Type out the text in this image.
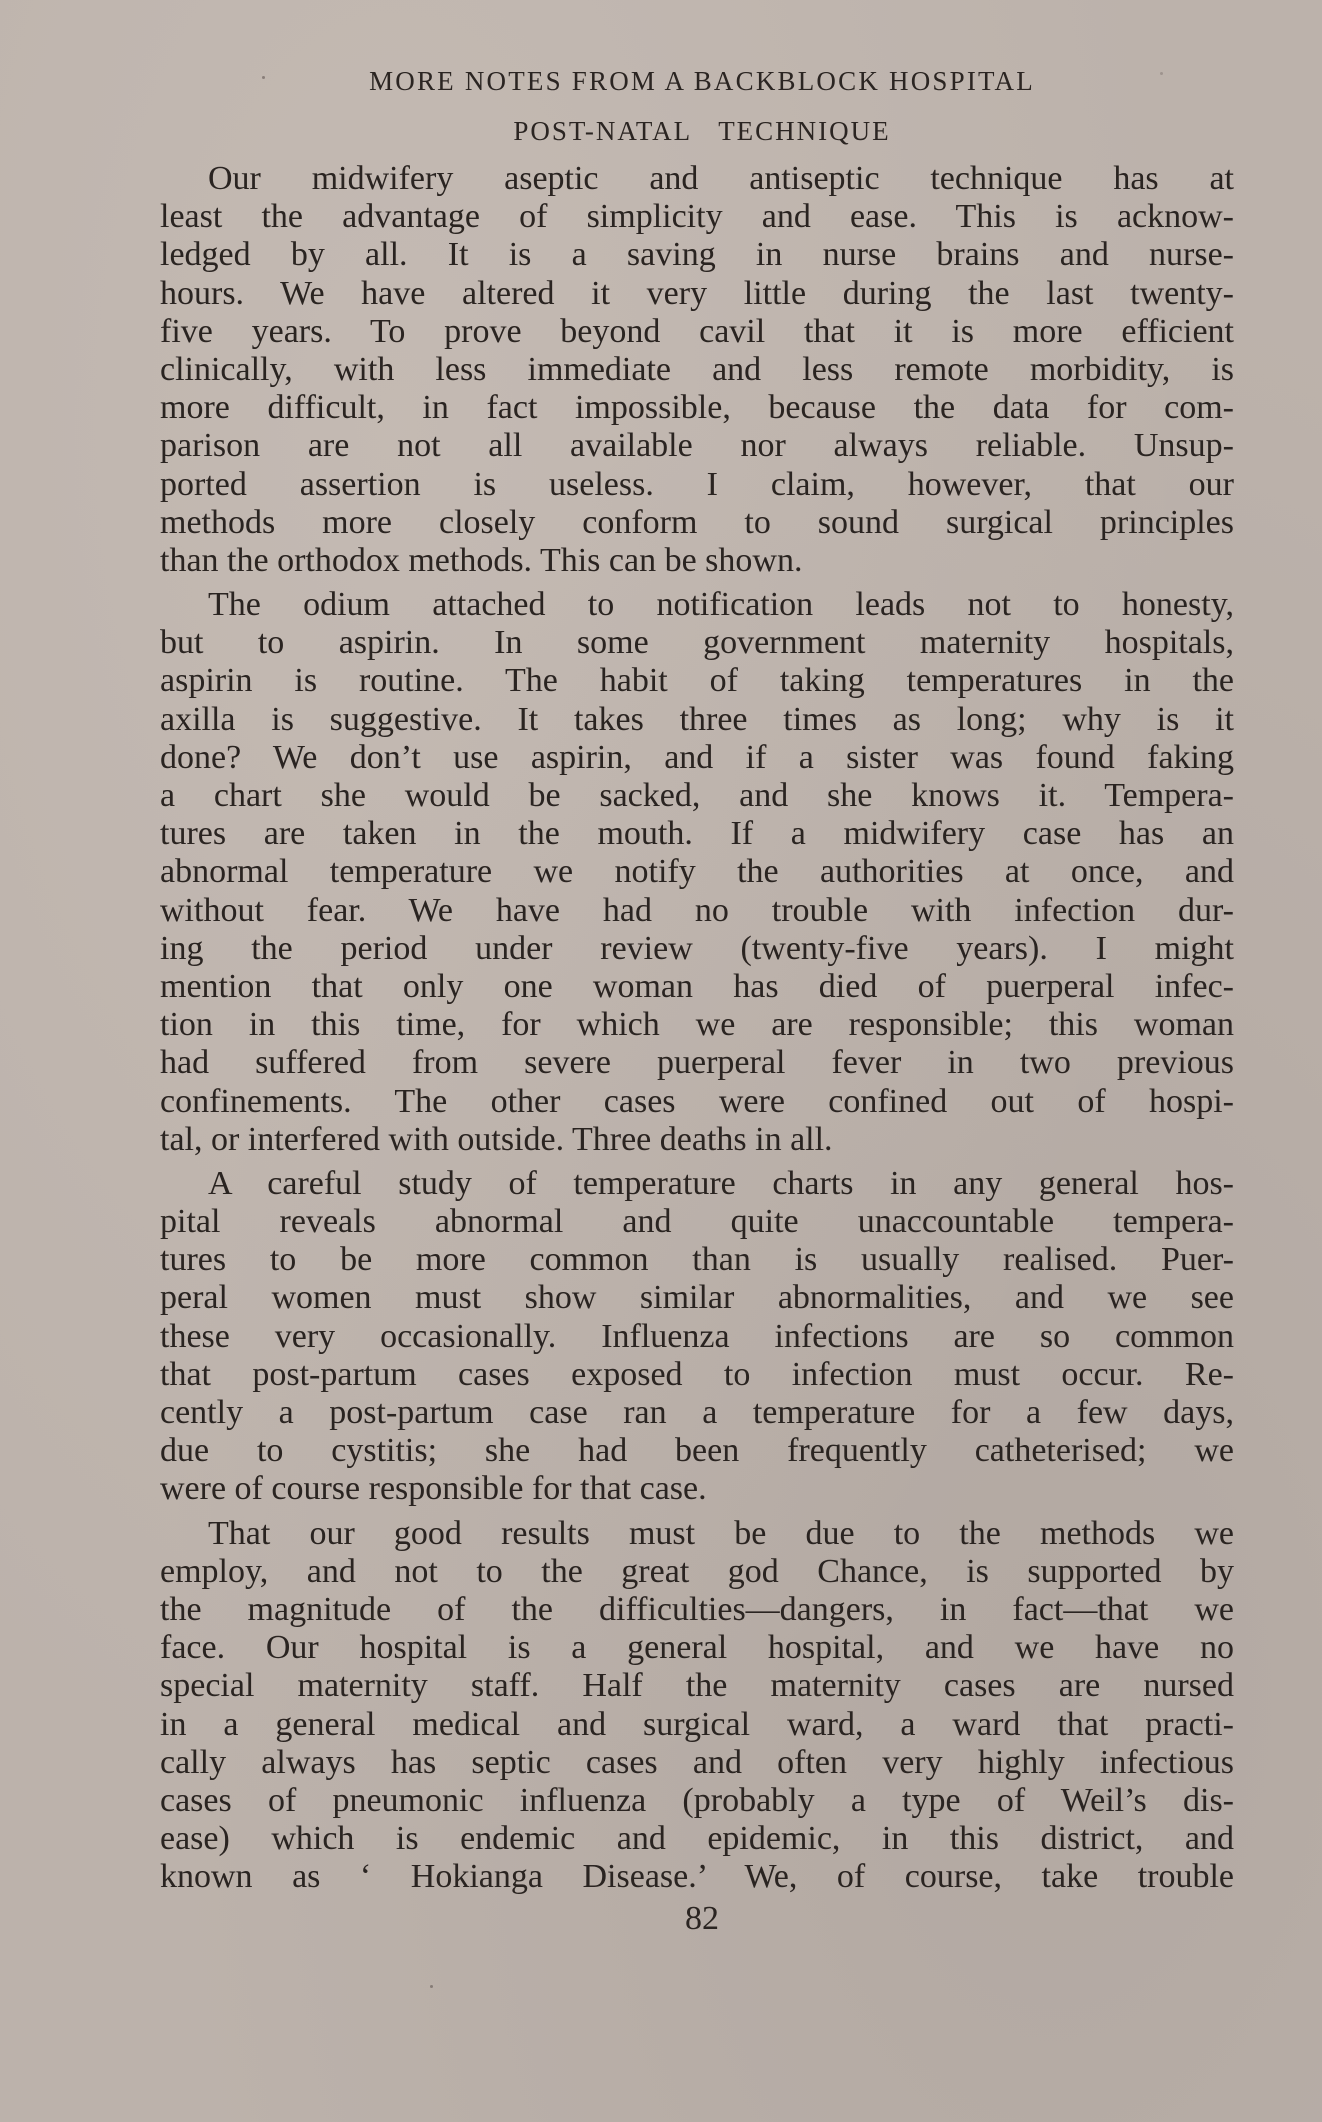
MORE NOTES FROM A BACKBLOCK HOSPITAL
POST-NATAL TECHNIQUE
Our midwifery aseptic and antiseptic technique has at
least the advantage of simplicity and ease. This is acknow-
ledged by all. It is a saving in nurse brains and nurse-
hours. We have altered it very little during the last twenty-
five years. To prove beyond cavil that it is more efficient
clinically, with less immediate and less remote morbidity, is
more difficult, in fact impossible, because the data for com-
parison are not all available nor always reliable. Unsup-
ported assertion is useless. I claim, however, that our
methods more closely conform to sound surgical principles
than the orthodox methods. This can be shown.
The odium attached to notification leads not to honesty,
but to aspirin. In some government maternity hospitals,
aspirin is routine. The habit of taking temperatures in the
axilla is suggestive. It takes three times as long; why is it
done? We don’t use aspirin, and if a sister was found faking
a chart she would be sacked, and she knows it. Tempera-
tures are taken in the mouth. If a midwifery case has an
abnormal temperature we notify the authorities at once, and
without fear. We have had no trouble with infection dur-
ing the period under review (twenty-five years). I might
mention that only one woman has died of puerperal infec-
tion in this time, for which we are responsible; this woman
had suffered from severe puerperal fever in two previous
confinements. The other cases were confined out of hospi-
tal, or interfered with outside. Three deaths in all.
A careful study of temperature charts in any general hos-
pital reveals abnormal and quite unaccountable tempera-
tures to be more common than is usually realised. Puer-
peral women must show similar abnormalities, and we see
these very occasionally. Influenza infections are so common
that post-partum cases exposed to infection must occur. Re-
cently a post-partum case ran a temperature for a few days,
due to cystitis; she had been frequently catheterised; we
were of course responsible for that case.
That our good results must be due to the methods we
employ, and not to the great god Chance, is supported by
the magnitude of the difficulties—dangers, in fact—that we
face. Our hospital is a general hospital, and we have no
special maternity staff. Half the maternity cases are nursed
in a general medical and surgical ward, a ward that practi-
cally always has septic cases and often very highly infectious
cases of pneumonic influenza (probably a type of Weil’s dis-
ease) which is endemic and epidemic, in this district, and
known as ‘ Hokianga Disease.’ We, of course, take trouble
82
